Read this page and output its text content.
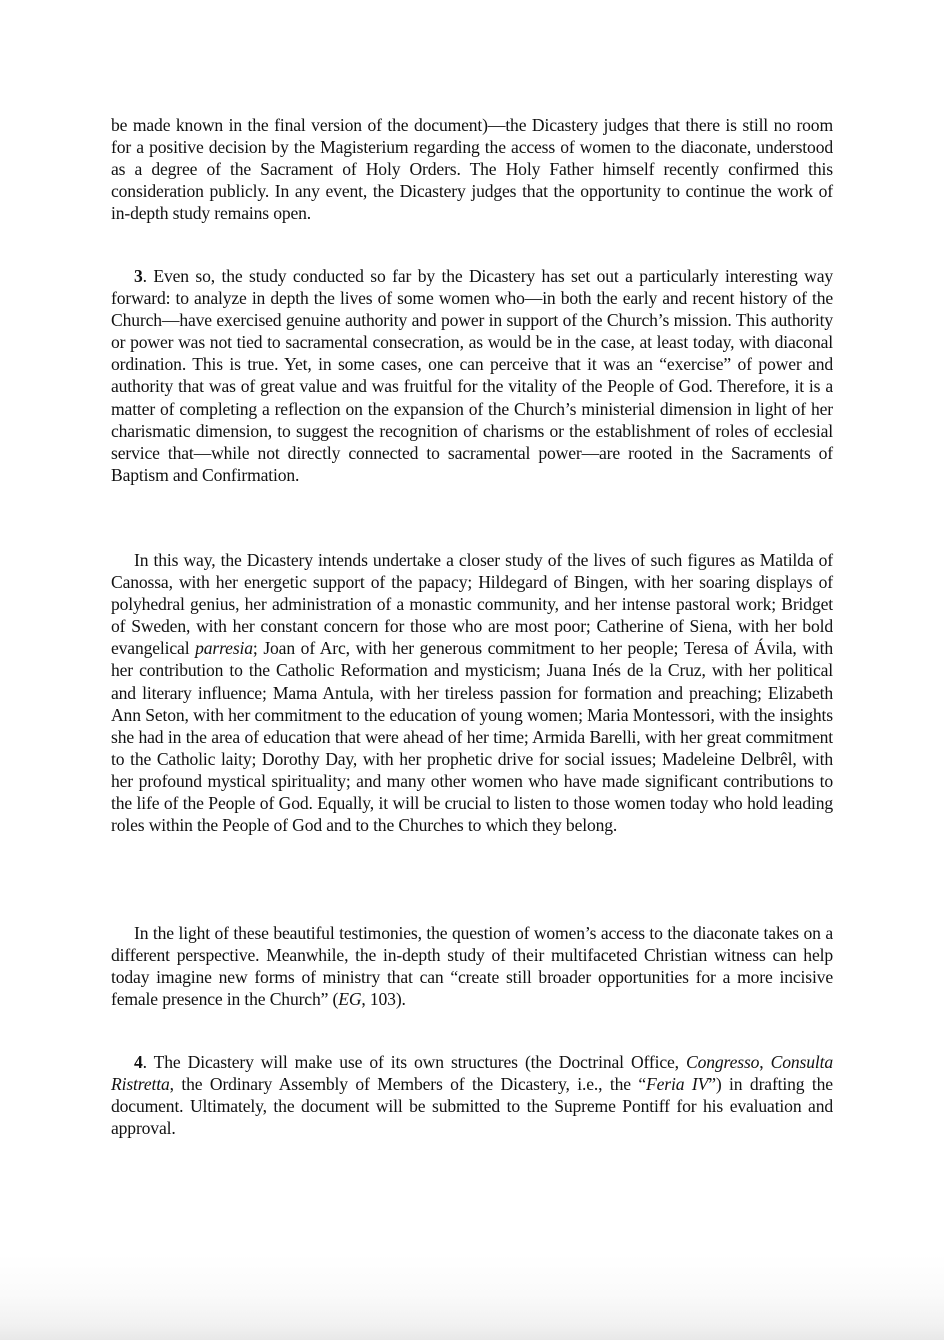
be made known in the final version of the document)—the Dicastery judges that there is still no room for a positive decision by the Magisterium regarding the access of women to the diaconate, understood as a degree of the Sacrament of Holy Orders. The Holy Father himself recently confirmed this consideration publicly. In any event, the Dicastery judges that the opportunity to continue the work of in-depth study remains open.

3. Even so, the study conducted so far by the Dicastery has set out a particularly interesting way forward: to analyze in depth the lives of some women who—in both the early and recent history of the Church—have exercised genuine authority and power in support of the Church’s mission. This authority or power was not tied to sacramental consecration, as would be in the case, at least today, with diaconal ordination. This is true. Yet, in some cases, one can perceive that it was an “exercise” of power and authority that was of great value and was fruitful for the vitality of the People of God. Therefore, it is a matter of completing a reflection on the expansion of the Church’s ministerial dimension in light of her charismatic dimension, to suggest the recognition of charisms or the establishment of roles of ecclesial service that—while not directly connected to sacramental power—are rooted in the Sacraments of Baptism and Confirmation.

In this way, the Dicastery intends undertake a closer study of the lives of such figures as Matilda of Canossa, with her energetic support of the papacy; Hildegard of Bingen, with her soaring displays of polyhedral genius, her administration of a monastic community, and her intense pastoral work; Bridget of Sweden, with her constant concern for those who are most poor; Catherine of Siena, with her bold evangelical parresia; Joan of Arc, with her generous commitment to her people; Teresa of Ávila, with her contribution to the Catholic Reformation and mysticism; Juana Inés de la Cruz, with her political and literary influence; Mama Antula, with her tireless passion for formation and preaching; Elizabeth Ann Seton, with her commitment to the education of young women; Maria Montessori, with the insights she had in the area of education that were ahead of her time; Armida Barelli, with her great commitment to the Catholic laity; Dorothy Day, with her prophetic drive for social issues; Madeleine Delbrêl, with her profound mystical spirituality; and many other women who have made significant contributions to the life of the People of God. Equally, it will be crucial to listen to those women today who hold leading roles within the People of God and to the Churches to which they belong.

In the light of these beautiful testimonies, the question of women’s access to the diaconate takes on a different perspective. Meanwhile, the in-depth study of their multifaceted Christian witness can help today imagine new forms of ministry that can “create still broader opportunities for a more incisive female presence in the Church” (EG, 103).

4. The Dicastery will make use of its own structures (the Doctrinal Office, Congresso, Consulta Ristretta, the Ordinary Assembly of Members of the Dicastery, i.e., the “Feria IV”) in drafting the document. Ultimately, the document will be submitted to the Supreme Pontiff for his evaluation and approval.
